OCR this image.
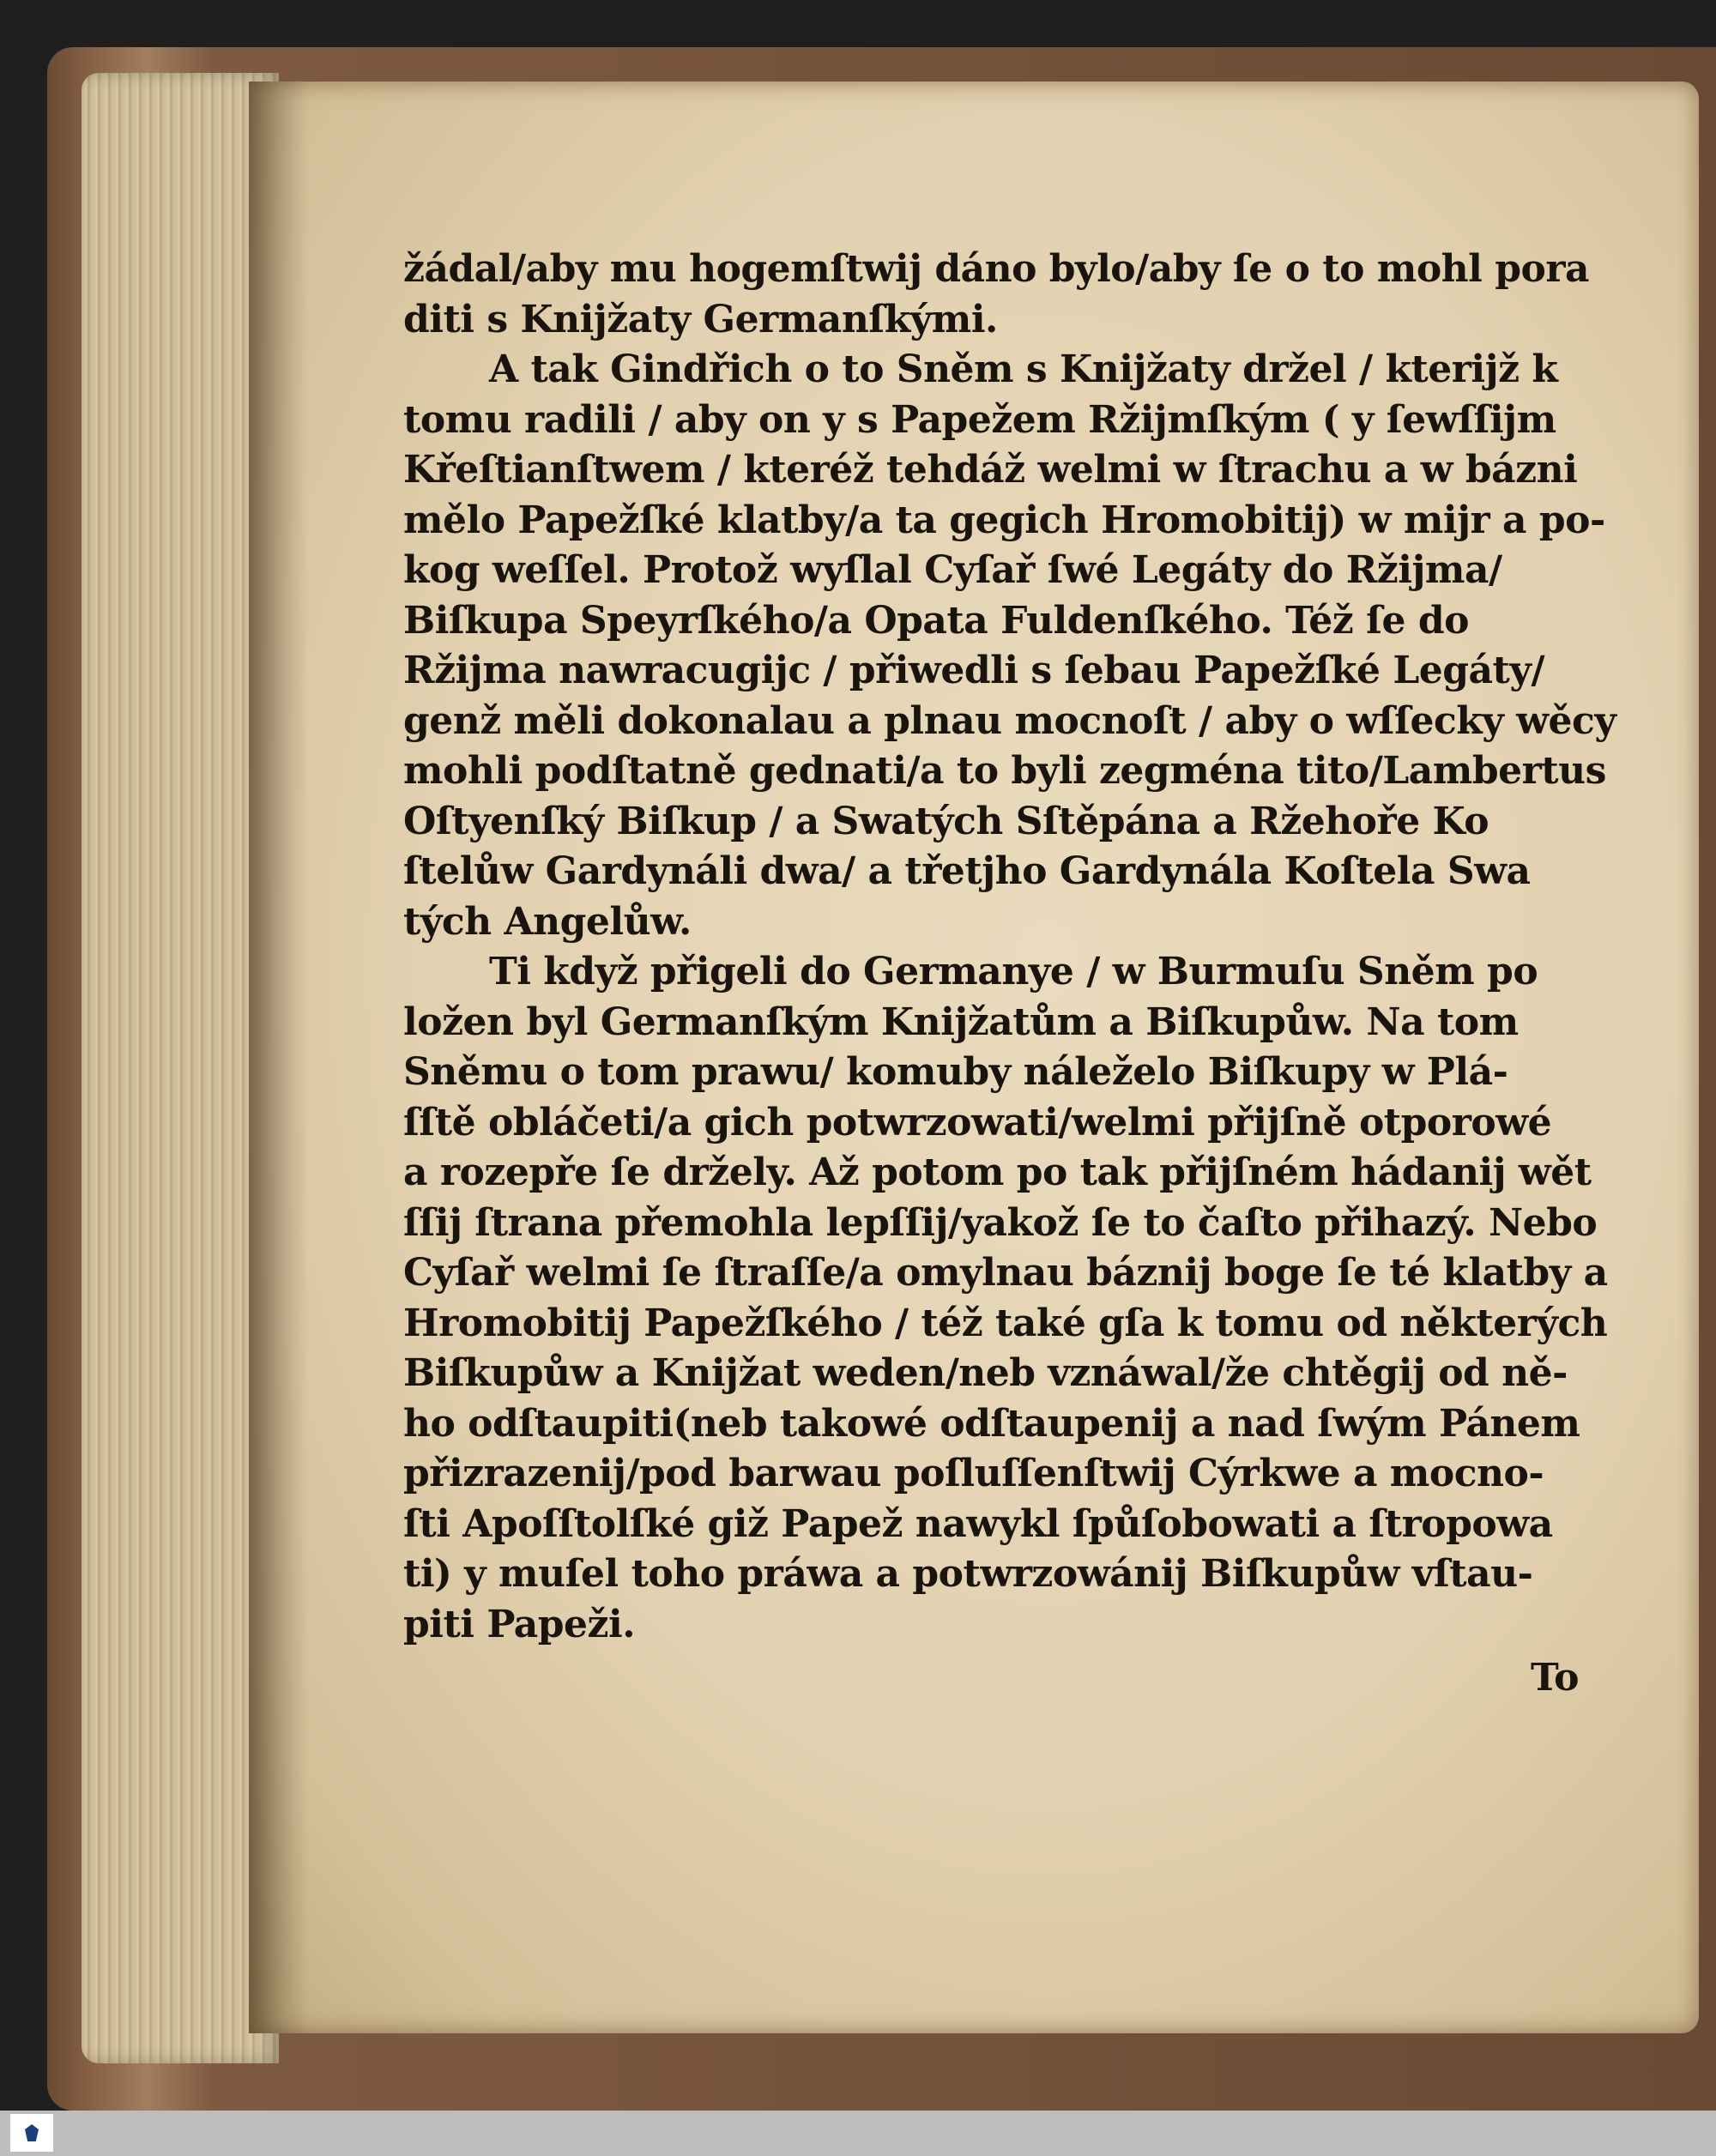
žádal/aby mu hogemſtwij dáno bylo/aby ſe o to mohl pora
diti s Knijžaty Germanſkými.
A tak Gindřich o to Sněm s Knijžaty držel / kterijž k
tomu radili / aby on y s Papežem Ržijmſkým ( y ſewſſijm
Křeſtianſtwem / kteréž tehdáž welmi w ſtrachu a w bázni
mělo Papežſké klatby/a ta gegich Hromobitij) w mijr a po-
kog weſſel. Protož wyſlal Cyſař ſwé Legáty do Ržijma/
Biſkupa Speyrſkého/a Opata Fuldenſkého. Též ſe do
Ržijma nawracugijc / přiwedli s ſebau Papežſké Legáty/
genž měli dokonalau a plnau mocnoſt / aby o wſſecky wěcy
mohli podſtatně gednati/a to byli zegména tito/Lambertus
Oſtyenſký Biſkup / a Swatých Sſtěpána a Ržehoře Ko
ſtelůw Gardynáli dwa/ a třetjho Gardynála Koſtela Swa
tých Angelůw.
Ti když přigeli do Germanye / w Burmuſu Sněm po
ložen byl Germanſkým Knijžatům a Biſkupůw. Na tom
Sněmu o tom prawu/ komuby náleželo Biſkupy w Plá-
ſſtě obláčeti/a gich potwrzowati/welmi přijſně otporowé
a rozepře ſe držely. Až potom po tak přijſném hádanij wět
ſſij ſtrana přemohla lepſſij/yakož ſe to čaſto přihazý. Nebo
Cyſař welmi ſe ſtraſſe/a omylnau báznij boge ſe té klatby a
Hromobitij Papežſkého / též také gſa k tomu od některých
Biſkupůw a Knijžat weden/neb vznáwal/že chtěgij od ně-
ho odſtaupiti(neb takowé odſtaupenij a nad ſwým Pánem
přizrazenij/pod barwau poſluſſenſtwij Cýrkwe a mocno-
ſti Apoſſtolſké giž Papež nawykl ſpůſobowati a ſtropowa
ti) y muſel toho práwa a potwrzowánij Biſkupůw vſtau-
piti Papeži.
To
